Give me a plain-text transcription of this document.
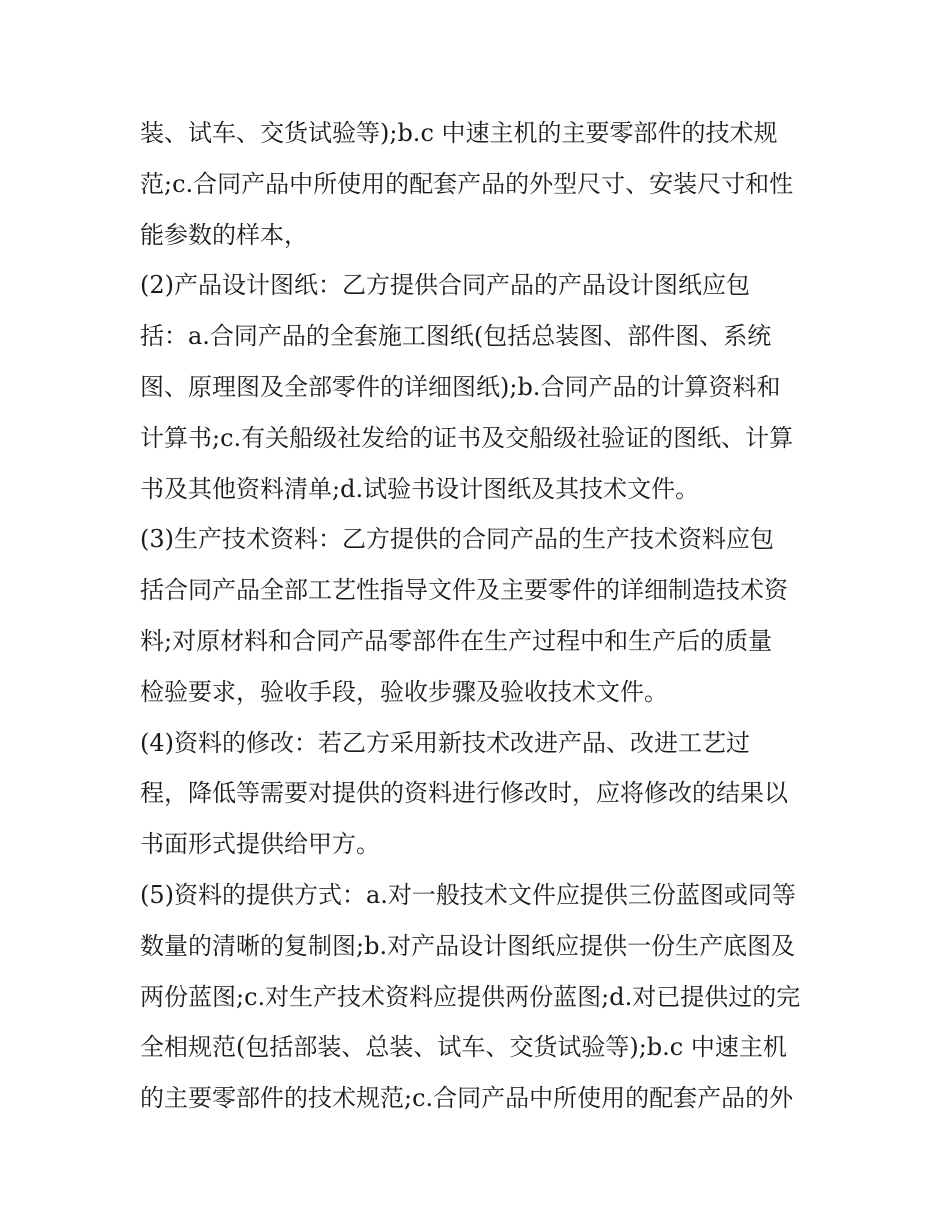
装、试车、交货试验等);b.c 中速主机的主要零部件的技术规
范;c.合同产品中所使用的配套产品的外型尺寸、安装尺寸和性
能参数的样本，
(2)产品设计图纸：乙方提供合同产品的产品设计图纸应包
括：a.合同产品的全套施工图纸(包括总装图、部件图、系统
图、原理图及全部零件的详细图纸);b.合同产品的计算资料和
计算书;c.有关船级社发给的证书及交船级社验证的图纸、计算
书及其他资料清单;d.试验书设计图纸及其技术文件。
(3)生产技术资料：乙方提供的合同产品的生产技术资料应包
括合同产品全部工艺性指导文件及主要零件的详细制造技术资
料;对原材料和合同产品零部件在生产过程中和生产后的质量
检验要求，验收手段，验收步骤及验收技术文件。
(4)资料的修改：若乙方采用新技术改进产品、改进工艺过
程，降低等需要对提供的资料进行修改时，应将修改的结果以
书面形式提供给甲方。
(5)资料的提供方式：a.对一般技术文件应提供三份蓝图或同等
数量的清晰的复制图;b.对产品设计图纸应提供一份生产底图及
两份蓝图;c.对生产技术资料应提供两份蓝图;d.对已提供过的完
全相规范(包括部装、总装、试车、交货试验等);b.c 中速主机
的主要零部件的技术规范;c.合同产品中所使用的配套产品的外
